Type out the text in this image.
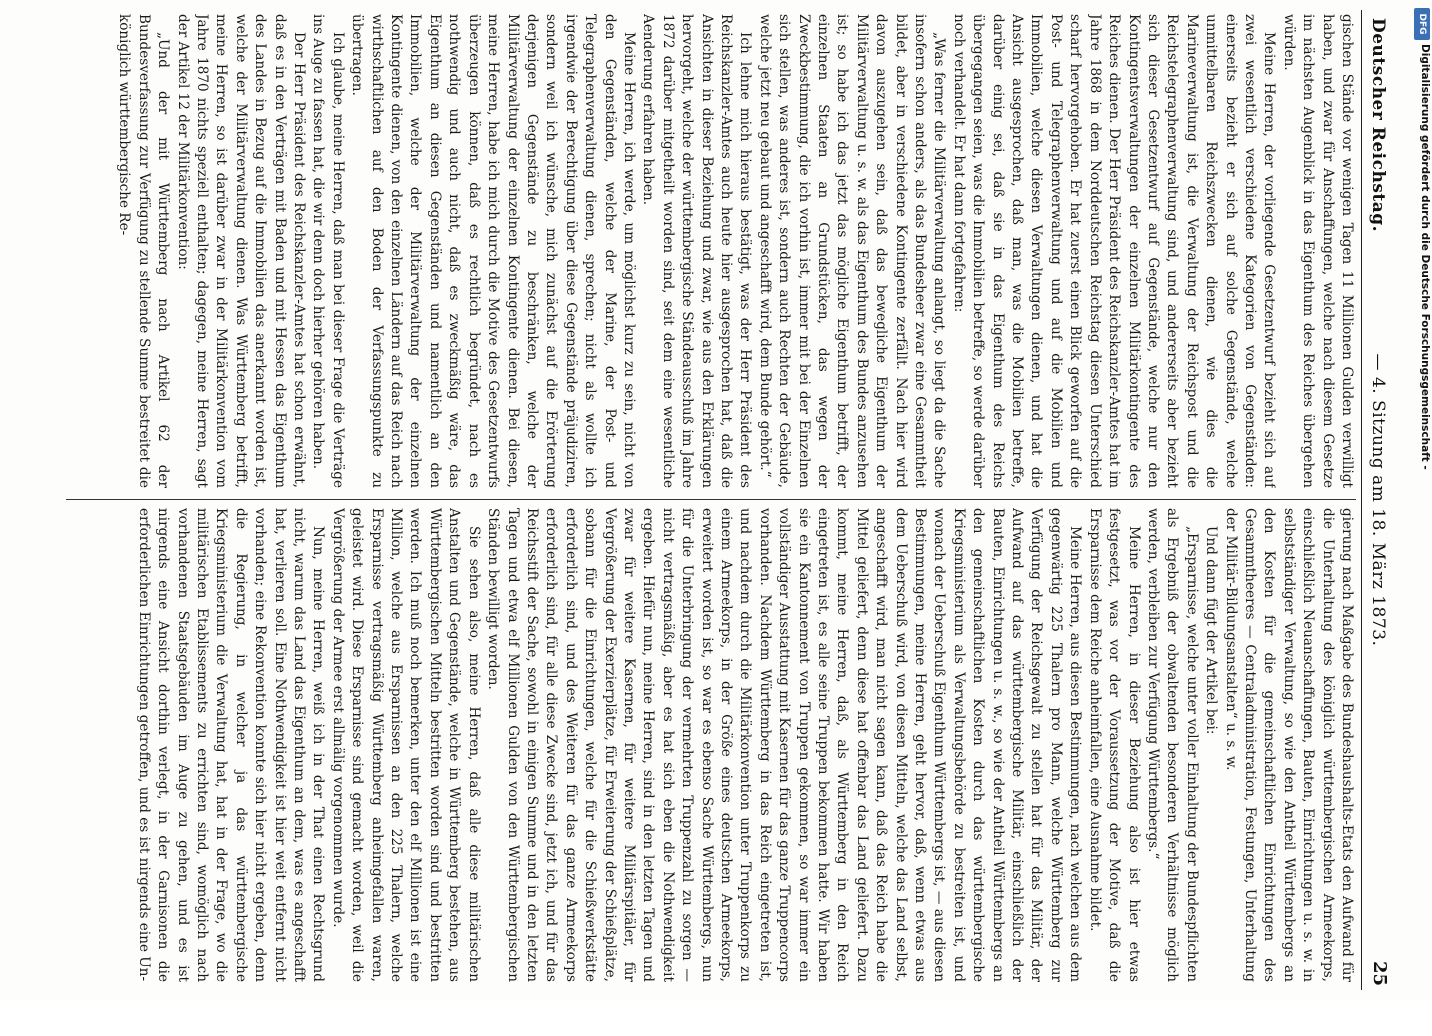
Deutscher Reichstag.
— 4. Sitzung am 18. März 1873.
25

gischen Stände vor wenigen Tagen 11 Millionen Gulden verwilligt haben, und zwar für Anschaffungen, welche nach diesem Gesetze im nächsten Augenblick in das Eigenthum des Reiches übergehen würden.

Meine Herren, der vorliegende Gesetzentwurf bezieht sich auf zwei wesentlich verschiedene Kategorien von Gegenständen: einerseits bezieht er sich auf solche Gegenstände, welche unmittelbaren Reichszwecken dienen, wie dies die Marineverwaltung ist, die Verwaltung der Reichspost und die Reichstelegraphenverwaltung sind, und andererseits aber bezieht sich dieser Gesetzentwurf auf Gegenstände, welche nur den Kontingentsverwaltungen der einzelnen Militärkontingente des Reiches dienen. Der Herr Präsident des Reichskanzler-Amtes hat im Jahre 1868 in dem Norddeutschen Reichstag diesen Unterschied scharf hervorgehoben. Er hat zuerst einen Blick geworfen auf die Post- und Telegraphenverwaltung und auf die Mobilien und Immobilien, welche diesen Verwaltungen dienen, und hat die Ansicht ausgesprochen, daß man, was die Mobilien betreffe, darüber einig sei, daß sie in das Eigenthum des Reichs übergegangen seien, was die Immobilien betreffe, so werde darüber noch verhandelt. Er hat dann fortgefahren:

„Was ferner die Militärverwaltung anlangt, so liegt da die Sache insofern schon anders, als das Bundesheer zwar eine Gesammtheit bildet, aber in verschiedene Kontingente zerfällt. Nach hier wird davon auszugehen sein, daß das bewegliche Eigenthum der Militärverwaltung u. s. w. als das Eigenthum des Bundes anzusehen ist; so habe ich das jetzt das mögliche Eigenthum betrifft, der einzelnen Staaten an Grundstücken, das wegen der Zweckbestimmung, die ich vorhin ist, immer mit bei der Einzelnen sich stellen, was anderes ist, sondern auch Rechten der Gebäude, welche jetzt neu gebaut und angeschafft wird, dem Bunde gehört.“

Ich lehne mich hieraus bestätigt, was der Herr Präsident des Reichskanzler-Amtes auch heute hier ausgesprochen hat, daß die Ansichten in dieser Beziehung und zwar, wie aus den Erklärungen hervorgeht, welche der württembergische Ständeausschuß im Jahre 1872 darüber mitgetheilt worden sind, seit dem eine wesentliche Aenderung erfahren haben.

Meine Herren, ich werde, um möglichst kurz zu sein, nicht von den Gegenständen, welche der Marine, der Post- und Telegraphenverwaltung dienen, sprechen; nicht als wollte ich irgendwie der Berechtigung über diese Gegenstände präjudiziren, sondern weil ich wünsche, mich zunächst auf die Erörterung derjenigen Gegenstände zu beschränken, welche der Militärverwaltung der einzelnen Kontingente dienen. Bei diesen, meine Herren, habe ich mich durch die Motive des Gesetzentwurfs überzeugen können, daß es rechtlich begründet, nach es nothwendig und auch nicht, daß es zweckmäßig wäre, das Eigenthum an diesen Gegenständen und namentlich an den Immobilien, welche der Militärverwaltung der einzelnen Kontingente dienen, von den einzelnen Ländern auf das Reich nach wirthschaftlichen auf den Boden der Verfassungspunkte zu übertragen.

Ich glaube, meine Herren, daß man bei dieser Frage die Verträge ins Auge zu fassen hat, die wir denn doch hierher gehören haben.

Der Herr Präsident des Reichskanzler-Amtes hat schon erwähnt, daß es in den Verträgen mit Baden und mit Hessen das Eigenthum des Landes in Bezug auf die Immobilien das anerkannt worden ist, welche der Militärverwaltung dienen. Was Württemberg betrifft, meine Herren, so ist darüber zwar in der Militärkonvention vom Jahre 1870 nichts speziell enthalten; dagegen, meine Herren, sagt der Artikel 12 der Militärkonvention:

„Und der mit Württemberg nach Artikel 62 der Bundesverfassung zur Verfügung zu stellende Summe bestreitet die königlich württembergische Re-

gierung nach Maßgabe des Bundeshaushalts-Etats den Aufwand für die Unterhaltung des königlich württembergischen Armeekorps, einschließlich Neuanschaffungen, Bauten, Einrichtungen u. s. w. in selbstständiger Verwaltung, so wie den Antheil Württembergs an den Kosten für die gemeinschaftlichen Einrichtungen des Gesammtheeres — Centraladministration, Festungen, Unterhaltung der Militär-Bildungsanstalten“ u. s. w.

Und dann fügt der Artikel bei:

„Ersparnisse, welche unter voller Einhaltung der Bundespflichten als Ergebniß der obwaltenden besonderen Verhältnisse möglich werden, verbleiben zur Verfügung Württembergs.“

Meine Herren, in dieser Beziehung also ist hier etwas festgesetzt, was vor der Voraussetzung der Motive, daß die Ersparnisse dem Reiche anheimfallen, eine Ausnahme bildet.

Meine Herren, aus diesen Bestimmungen, nach welchen aus dem gegenwärtig 225 Thalern pro Mann, welche Württemberg zur Verfügung der Reichsgewalt zu stellen hat für das Militär, der Aufwand auf das württembergische Militär, einschließlich der Bauten, Einrichtungen u. s. w., so wie der Antheil Württembergs an den gemeinschaftlichen Kosten durch das württembergische Kriegsministerium als Verwaltungsbehörde zu bestreiten ist, und wonach der Ueberschuß Eigenthum Württembergs ist, — aus diesen Bestimmungen, meine Herren, geht hervor, daß, wenn etwas aus dem Ueberschuß wird, von diesen Mitteln, welche das Land selbst, angeschafft wird, man nicht sagen kann, daß das Reich habe die Mittel geliefert, denn diese hat offenbar das Land geliefert. Dazu kommt, meine Herren, daß, als Württemberg in den Reich eingetreten ist, es alle seine Truppen bekommen hatte. Wir haben sie ein Kantonnement von Truppen gekommen, so war immer ein vollständiger Ausstattung mit Kasernen für das ganze Truppencorps vorhanden. Nachdem Württemberg in das Reich eingetreten ist, und nachdem durch die Militärkonvention unter Truppenkorps zu einem Armeekorps, in der Größe eines deutschen Armeekorps, erweitert worden ist, so war es ebenso Sache Württembergs, nun für die Unterbringung der vermehrten Truppenzahl zu sorgen — nicht vertragsmäßig, aber es hat sich eben die Nothwendigkeit ergeben. Hiefür nun, meine Herren, sind in den letzten Tagen und zwar für weitere Kasernen, für weitere Militärspitäler, für Vergrößerung der Exerzierplätze, für Erweiterung der Schießplätze, sobann für die Einrichtungen, welche für die Schießwerkstätte erforderlich sind, und des Weiteren für das ganze Armeekorps erforderlich sind, für alle diese Zwecke sind, jetzt ich, und für das Reichsstift der Sache, sowohl in einigen Summe und in den letzten Tagen und etwa elf Millionen Gulden von den Württembergischen Ständen bewilligt worden.

Sie sehen also, meine Herren, daß alle diese militärischen Anstalten und Gegenstände, welche in Württemberg bestehen, aus Württembergischen Mitteln bestritten worden sind und bestritten werden. Ich muß noch bemerken, unter den elf Millionen ist eine Million, welche aus Ersparnissen an den 225 Thalern, welche Ersparnisse vertragsmäßig Württemberg anheimgefallen waren, geleistet wird. Diese Ersparnisse sind gemacht worden, weil die Vergrößerung der Armee erst allmälig vorgenommen wurde.

Nun, meine Herren, weiß ich in der That einen Rechtsgrund nicht, warum das Land das Eigenthum an dem, was es angeschafft hat, verlieren soll. Eine Nothwendigkeit ist hier weit entfernt nicht vorhanden; eine Rekonvention konnte sich hier nicht ergeben, denn die Regierung, in welcher ja das württembergische Kriegsministerium die Verwaltung hat, hat in der Frage, wo die militärischen Etablissements zu errichten sind, womöglich nach vorhandenen Staatsgebäuden im Auge zu gehen, und es ist nirgends eine Ansicht dorthin verlegt, in der Garnisonen die erforderlichen Einrichtungen getroffen, und es ist nirgends eine Un-

DFG
Digitalisierung gefördert durch die Deutsche Forschungsgemeinschaft -
